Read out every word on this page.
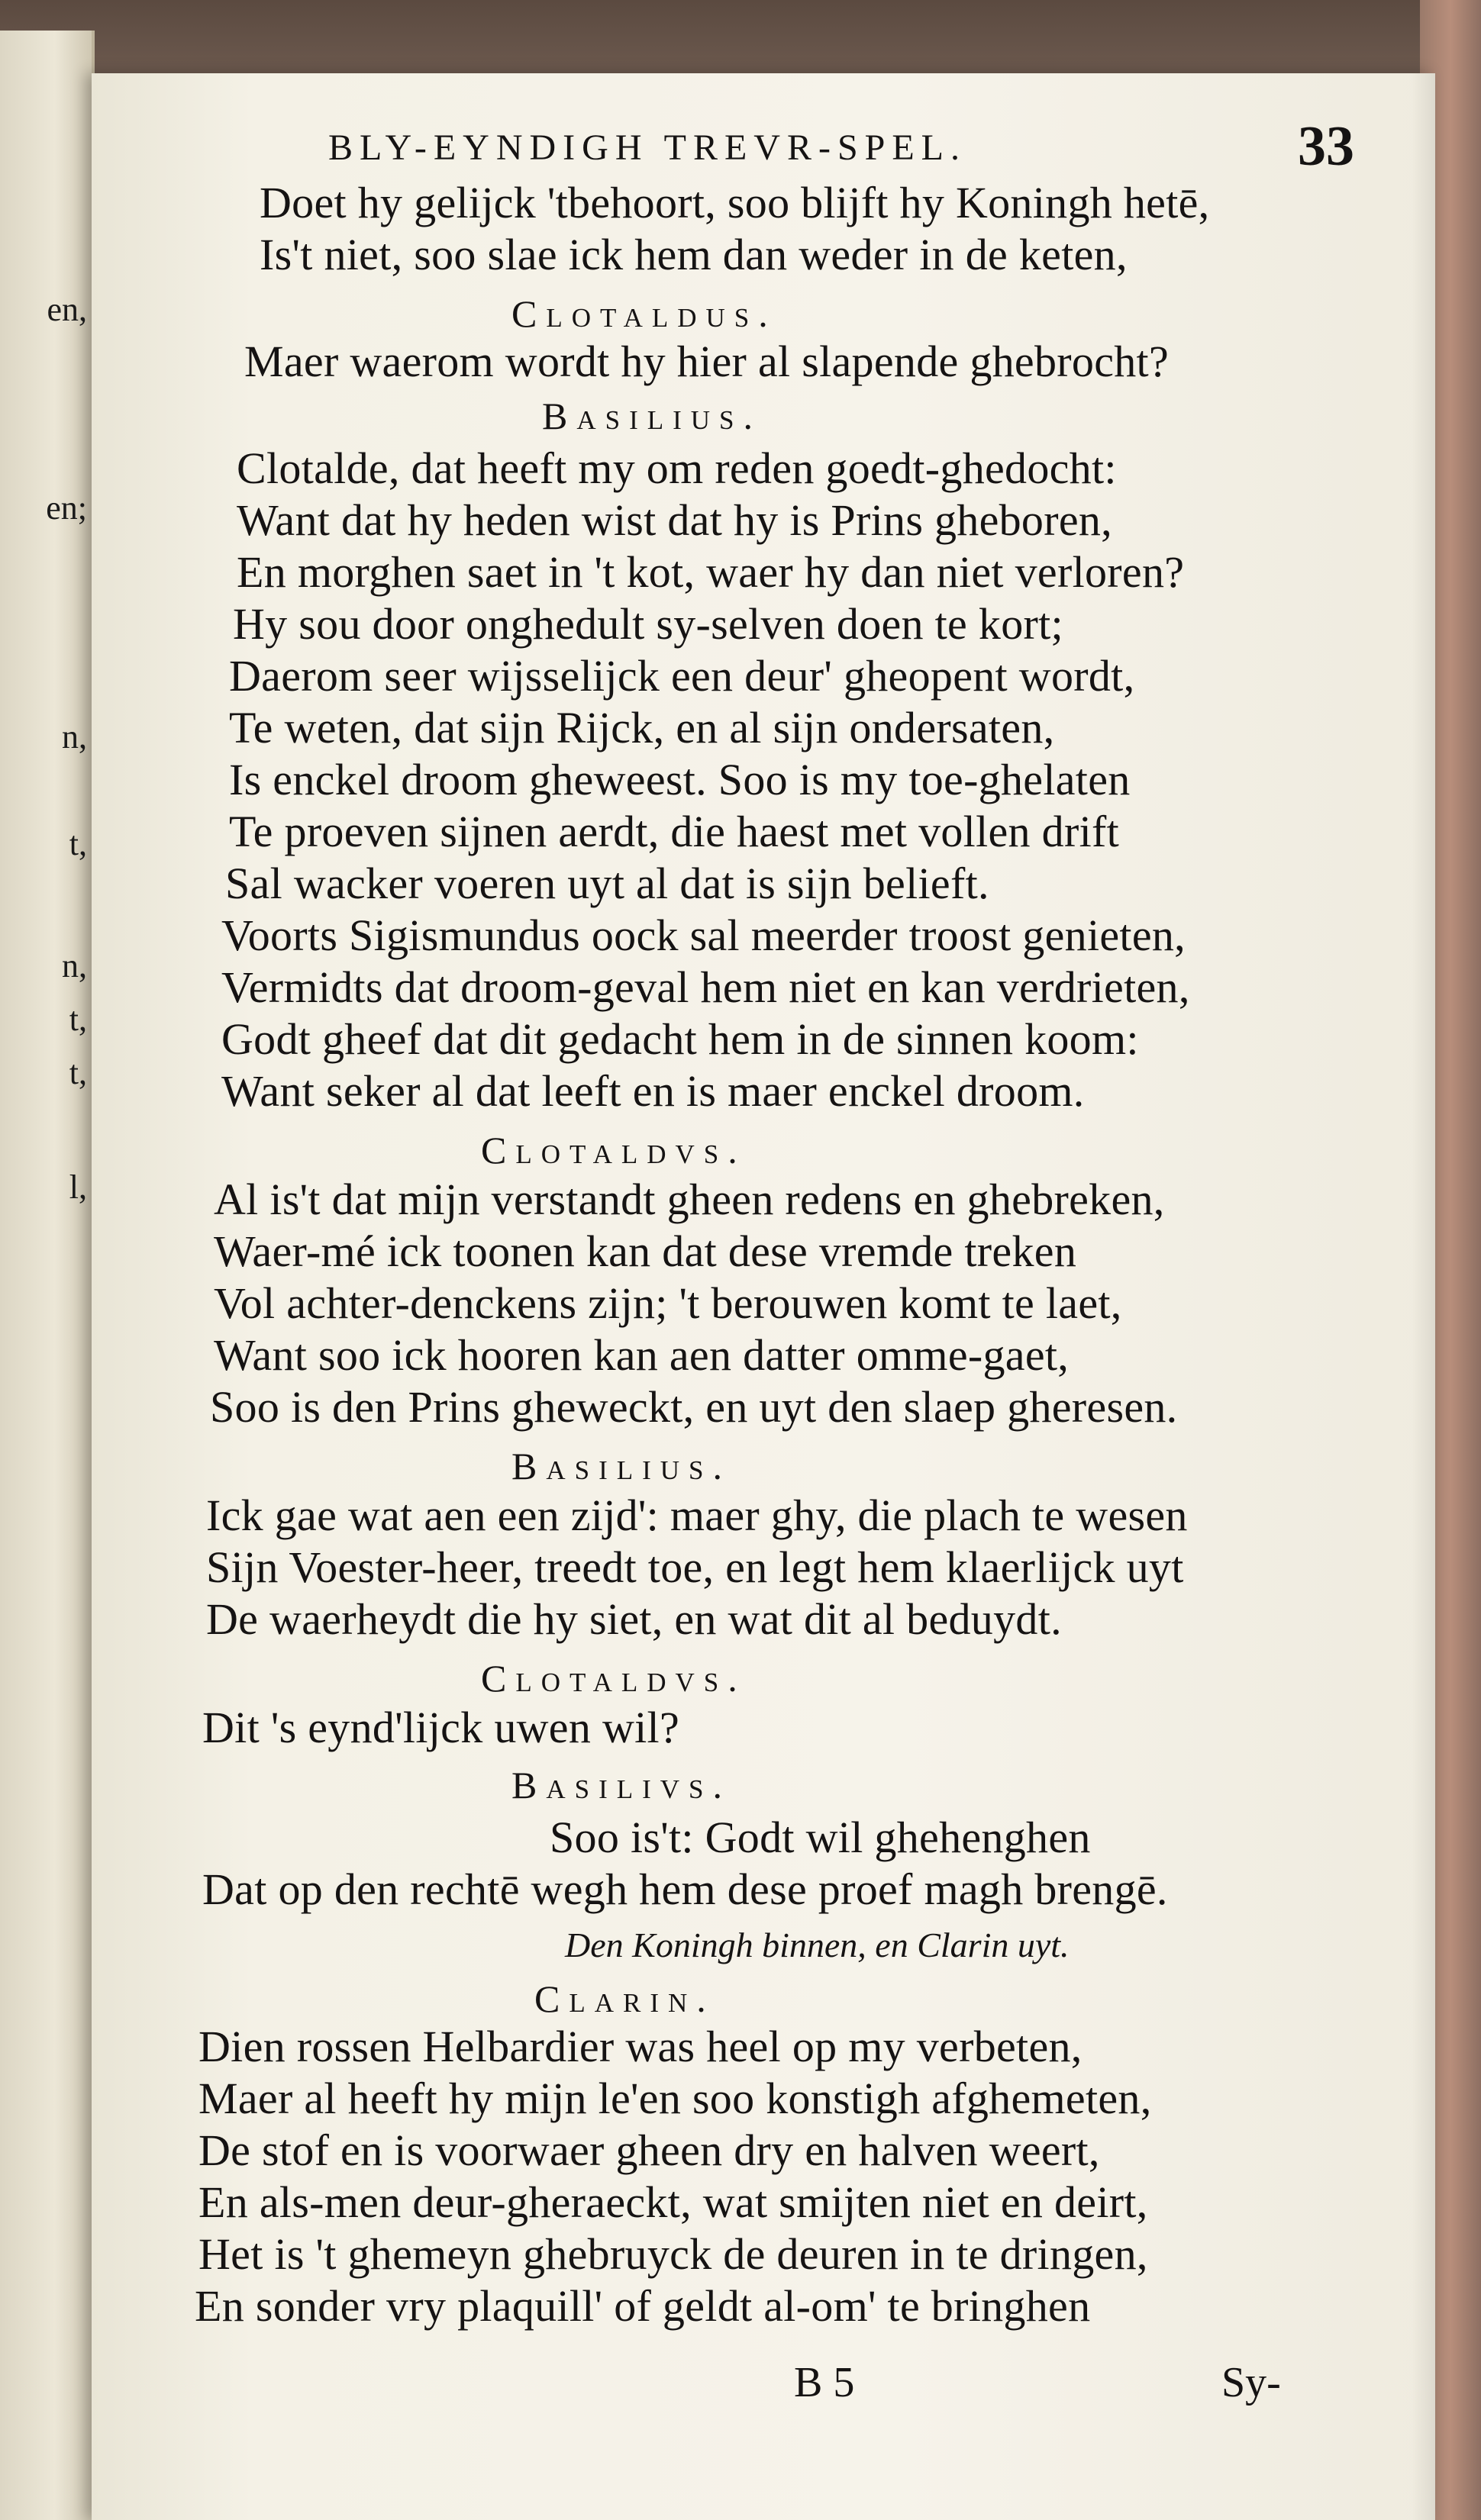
en,
en;
n,
t,
n,
t,
t,
l,
BLY-EYNDIGH TREVR-SPEL.	33
Doet hy gelijck 'tbehoort, soo blijft hy Koningh hetē,
Is't niet, soo slae ick hem dan weder in de keten,
Clotaldus.
Maer waerom wordt hy hier al slapende ghebrocht?
Basilius.
Clotalde, dat heeft my om reden goedt-ghedocht:
Want dat hy heden wist dat hy is Prins gheboren,
En morghen saet in 't kot, waer hy dan niet verloren?
Hy sou door onghedult sy-selven doen te kort;
Daerom seer wijsselijck een deur' gheopent wordt,
Te weten, dat sijn Rijck, en al sijn ondersaten,
Is enckel droom gheweest. Soo is my toe-ghelaten
Te proeven sijnen aerdt, die haest met vollen drift
Sal wacker voeren uyt al dat is sijn belieft.
Voorts Sigismundus oock sal meerder troost genieten,
Vermidts dat droom-geval hem niet en kan verdrieten,
Godt gheef dat dit gedacht hem in de sinnen koom:
Want seker al dat leeft en is maer enckel droom.
Clotaldvs.
Al is't dat mijn verstandt gheen redens en ghebreken,
Waer-mé ick toonen kan dat dese vremde treken
Vol achter-denckens zijn; 't berouwen komt te laet,
Want soo ick hooren kan aen datter omme-gaet,
Soo is den Prins gheweckt, en uyt den slaep gheresen.
Basilius.
Ick gae wat aen een zijd': maer ghy, die plach te wesen
Sijn Voester-heer, treedt toe, en legt hem klaerlijck uyt
De waerheydt die hy siet, en wat dit al beduydt.
Clotaldvs.
Dit 's eynd'lijck uwen wil?
Basilivs.
Soo is't: Godt wil ghehenghen
Dat op den rechtē wegh hem dese proef magh brengē.
Den Koningh binnen, en Clarin uyt.
Clarin.
Dien rossen Helbardier was heel op my verbeten,
Maer al heeft hy mijn le'en soo konstigh afghemeten,
De stof en is voorwaer gheen dry en halven weert,
En als-men deur-gheraeckt, wat smijten niet en deirt,
Het is 't ghemeyn ghebruyck de deuren in te dringen,
En sonder vry plaquill' of geldt al-om' te bringhen
B 5	Sy-
